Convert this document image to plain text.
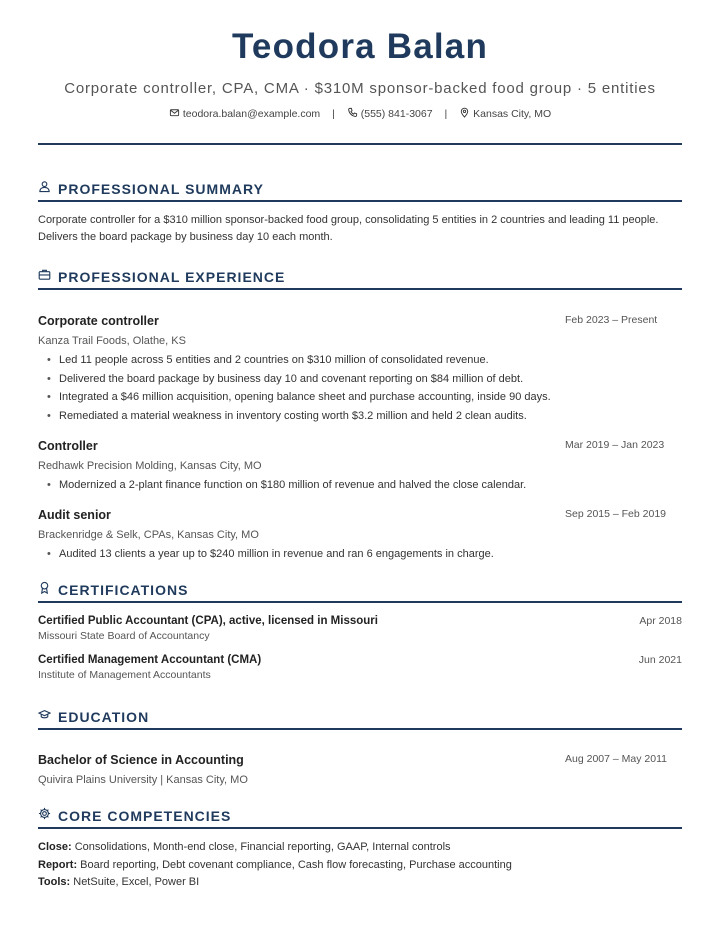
Teodora Balan
Corporate controller, CPA, CMA · $310M sponsor-backed food group · 5 entities
teodora.balan@example.com | (555) 841-3067 | Kansas City, MO
PROFESSIONAL SUMMARY
Corporate controller for a $310 million sponsor-backed food group, consolidating 5 entities in 2 countries and leading 11 people. Delivers the board package by business day 10 each month.
PROFESSIONAL EXPERIENCE
Corporate controller	Feb 2023 – Present
Kanza Trail Foods, Olathe, KS
• Led 11 people across 5 entities and 2 countries on $310 million of consolidated revenue.
• Delivered the board package by business day 10 and covenant reporting on $84 million of debt.
• Integrated a $46 million acquisition, opening balance sheet and purchase accounting, inside 90 days.
• Remediated a material weakness in inventory costing worth $3.2 million and held 2 clean audits.
Controller	Mar 2019 – Jan 2023
Redhawk Precision Molding, Kansas City, MO
• Modernized a 2-plant finance function on $180 million of revenue and halved the close calendar.
Audit senior	Sep 2015 – Feb 2019
Brackenridge & Selk, CPAs, Kansas City, MO
• Audited 13 clients a year up to $240 million in revenue and ran 6 engagements in charge.
CERTIFICATIONS
Certified Public Accountant (CPA), active, licensed in Missouri	Apr 2018
Missouri State Board of Accountancy
Certified Management Accountant (CMA)	Jun 2021
Institute of Management Accountants
EDUCATION
Bachelor of Science in Accounting	Aug 2007 – May 2011
Quivira Plains University | Kansas City, MO
CORE COMPETENCIES
Close: Consolidations, Month-end close, Financial reporting, GAAP, Internal controls
Report: Board reporting, Debt covenant compliance, Cash flow forecasting, Purchase accounting
Tools: NetSuite, Excel, Power BI
